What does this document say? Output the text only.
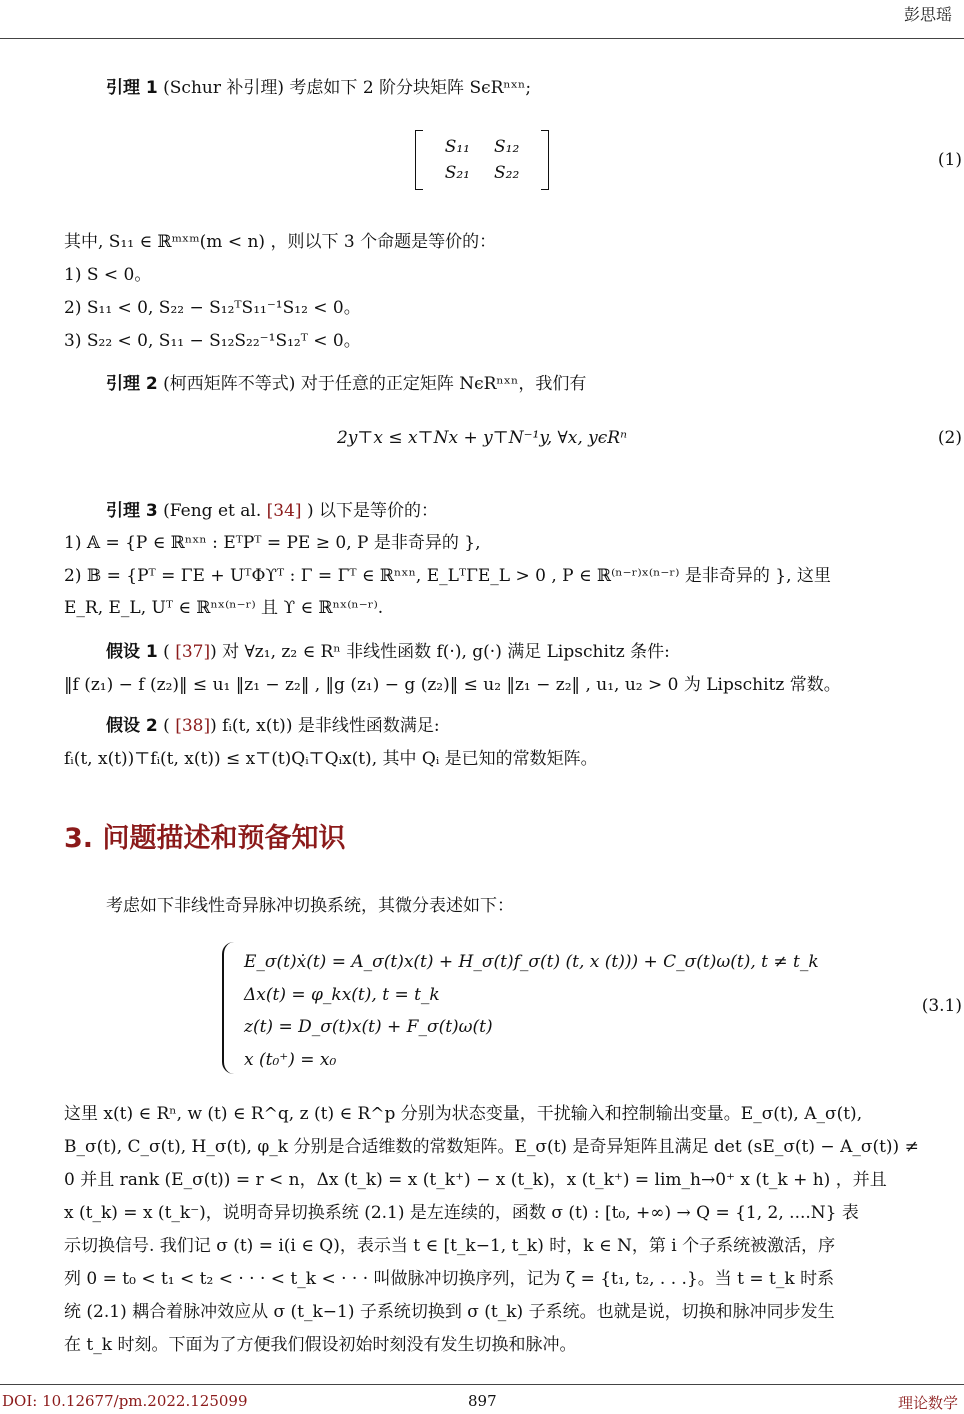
彭思瑶
引理 1 (Schur 补引理) 考虑如下 2 阶分块矩阵 SϵRⁿˣⁿ;
S₁₁	S₁₂
S₂₁	S₂₂
(1)
其中, S₁₁ ∈ ℝᵐˣᵐ(m < n) ，则以下 3 个命题是等价的：
1) S < 0。
2) S₁₁ < 0, S₂₂ − S₁₂ᵀS₁₁⁻¹S₁₂ < 0。
3) S₂₂ < 0, S₁₁ − S₁₂S₂₂⁻¹S₁₂ᵀ < 0。
引理 2 (柯西矩阵不等式) 对于任意的正定矩阵 NϵRⁿˣⁿ，我们有
2y⊤x ≤ x⊤Nx + y⊤N⁻¹y, ∀x, yϵRⁿ	(2)
引理 3 (Feng et al. [34] ) 以下是等价的：
1) 𝔸 = {P ∈ ℝⁿˣⁿ : EᵀPᵀ = PE ≥ 0, P 是非奇异的 },
2) 𝔹 = {Pᵀ = ΓE + UᵀΦϒᵀ : Γ = Γᵀ ∈ ℝⁿˣⁿ, E_LᵀΓE_L > 0 , P ∈ ℝ⁽ⁿ⁻ʳ⁾ˣ⁽ⁿ⁻ʳ⁾ 是非奇异的 }, 这里
E_R, E_L, Uᵀ ∈ ℝⁿˣ⁽ⁿ⁻ʳ⁾ 且 ϒ ∈ ℝⁿˣ⁽ⁿ⁻ʳ⁾.
假设 1 ( [37]) 对 ∀z₁, z₂ ∈ Rⁿ 非线性函数 f(·), g(·) 满足 Lipschitz 条件:
‖f (z₁) − f (z₂)‖ ≤ u₁ ‖z₁ − z₂‖ , ‖g (z₁) − g (z₂)‖ ≤ u₂ ‖z₁ − z₂‖ , u₁, u₂ > 0 为 Lipschitz 常数。
假设 2 ( [38]) fᵢ(t, x(t)) 是非线性函数满足:
fᵢ(t, x(t))⊤fᵢ(t, x(t)) ≤ x⊤(t)Qᵢ⊤Qᵢx(t), 其中 Qᵢ 是已知的常数矩阵。
3. 问题描述和预备知识
考虑如下非线性奇异脉冲切换系统，其微分表述如下：
E_σ(t)ẋ(t) = A_σ(t)x(t) + H_σ(t)f_σ(t) (t, x (t))) + C_σ(t)ω(t), t ≠ t_k
Δx(t) = φ_kx(t), t = t_k
z(t) = D_σ(t)x(t) + F_σ(t)ω(t)
x (t₀⁺) = x₀
(3.1)
这里 x(t) ∈ Rⁿ, w (t) ∈ R^q, z (t) ∈ R^p 分别为状态变量，干扰输入和控制输出变量。E_σ(t), A_σ(t),
B_σ(t), C_σ(t), H_σ(t), φ_k 分别是合适维数的常数矩阵。E_σ(t) 是奇异矩阵且满足 det (sE_σ(t) − A_σ(t)) ≠
0 并且 rank (E_σ(t)) = r < n，Δx (t_k) = x (t_k⁺) − x (t_k)，x (t_k⁺) = lim_h→0⁺ x (t_k + h) ，并且
x (t_k) = x (t_k⁻)，说明奇异切换系统 (2.1) 是左连续的，函数 σ (t) : [t₀, +∞) → Q = {1, 2, ....N} 表
示切换信号. 我们记 σ (t) = i(i ∈ Q)，表示当 t ∈ [t_k−1, t_k) 时，k ∈ N，第 i 个子系统被激活，序
列 0 = t₀ < t₁ < t₂ < · · · < t_k < · · · 叫做脉冲切换序列，记为 ζ = {t₁, t₂, . . .}。当 t = t_k 时系
统 (2.1) 耦合着脉冲效应从 σ (t_k−1) 子系统切换到 σ (t_k) 子系统。也就是说，切换和脉冲同步发生
在 t_k 时刻。下面为了方便我们假设初始时刻没有发生切换和脉冲。
DOI: 10.12677/pm.2022.125099	897	理论数学
